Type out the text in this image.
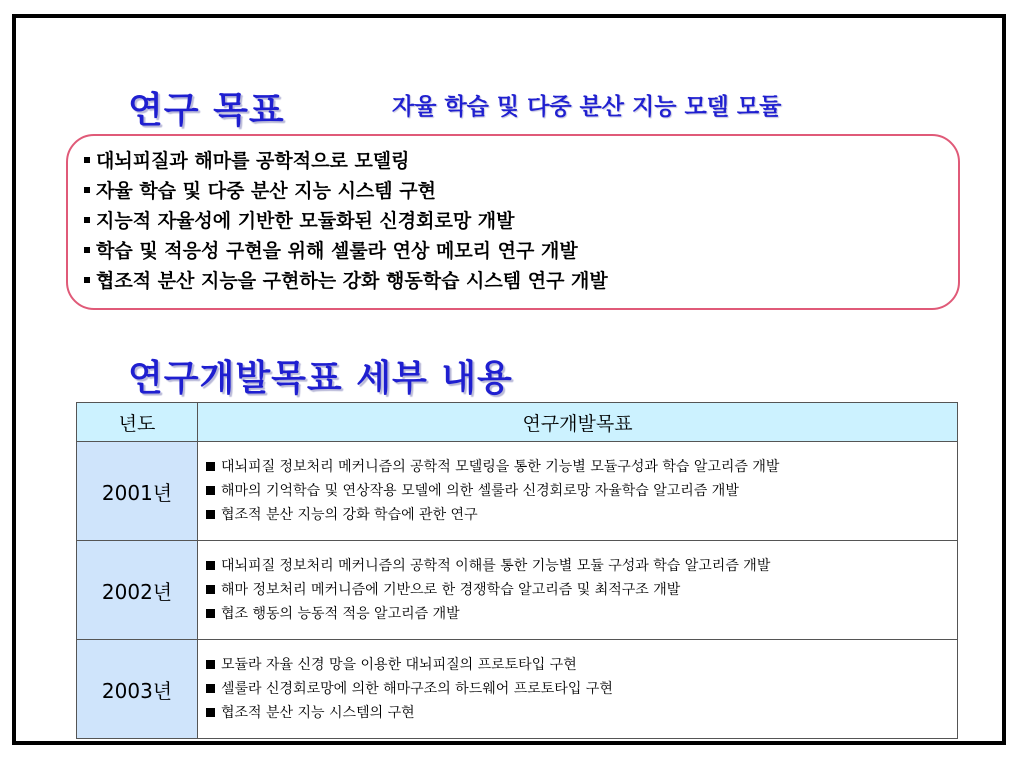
연구 목표	자율 학습 및 다중 분산 지능 모델 모듈
대뇌피질과 해마를 공학적으로 모델링
자율 학습 및 다중 분산 지능 시스템 구현
지능적 자율성에 기반한 모듈화된 신경회로망 개발
학습 및 적응성 구현을 위해 셀룰라 연상 메모리 연구 개발
협조적 분산 지능을 구현하는 강화 행동학습 시스템 연구 개발
연구개발목표 세부 내용
년도	연구개발목표
2001년	대뇌피질 정보처리 메커니즘의 공학적 모델링을 통한 기능별 모듈구성과 학습 알고리즘 개발
해마의 기억학습 및 연상작용 모델에 의한 셀룰라 신경회로망 자율학습 알고리즘 개발
협조적 분산 지능의 강화 학습에 관한 연구

2002년	대뇌피질 정보처리 메커니즘의 공학적 이해를 통한 기능별 모듈 구성과 학습 알고리즘 개발
해마 정보처리 메커니즘에 기반으로 한 경쟁학습 알고리즘 및 최적구조 개발
협조 행동의 능동적 적응 알고리즘 개발

2003년	모듈라 자율 신경 망을 이용한 대뇌피질의 프로토타입 구현
셀룰라 신경회로망에 의한 해마구조의 하드웨어 프로토타입 구현
협조적 분산 지능 시스템의 구현
